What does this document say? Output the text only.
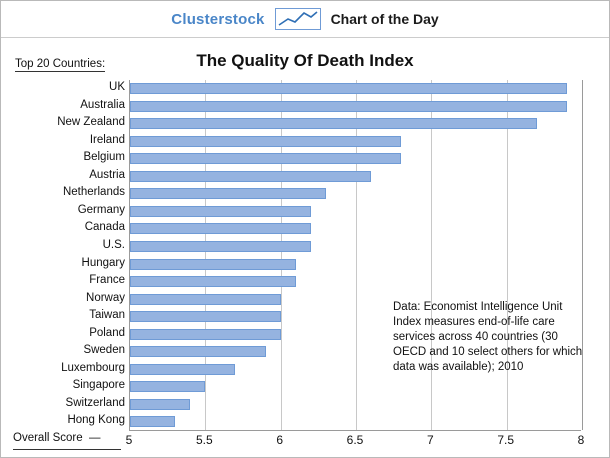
Clusterstock	Chart of the Day
Top 20 Countries:	The Quality Of Death Index
UK
Australia
New Zealand
Ireland
Belgium
Austria
Netherlands
Germany
Canada
U.S.
Hungary
France
Norway
Taiwan
Poland
Sweden
Luxembourg
Singapore
Switzerland
Hong Kong
5	5.5	6	6.5	7	7.5	8
Overall Score  —
Data: Economist Intelligence Unit Index measures end-of-life care services across 40 countries (30 OECD and 10 select others for which data was available); 2010
